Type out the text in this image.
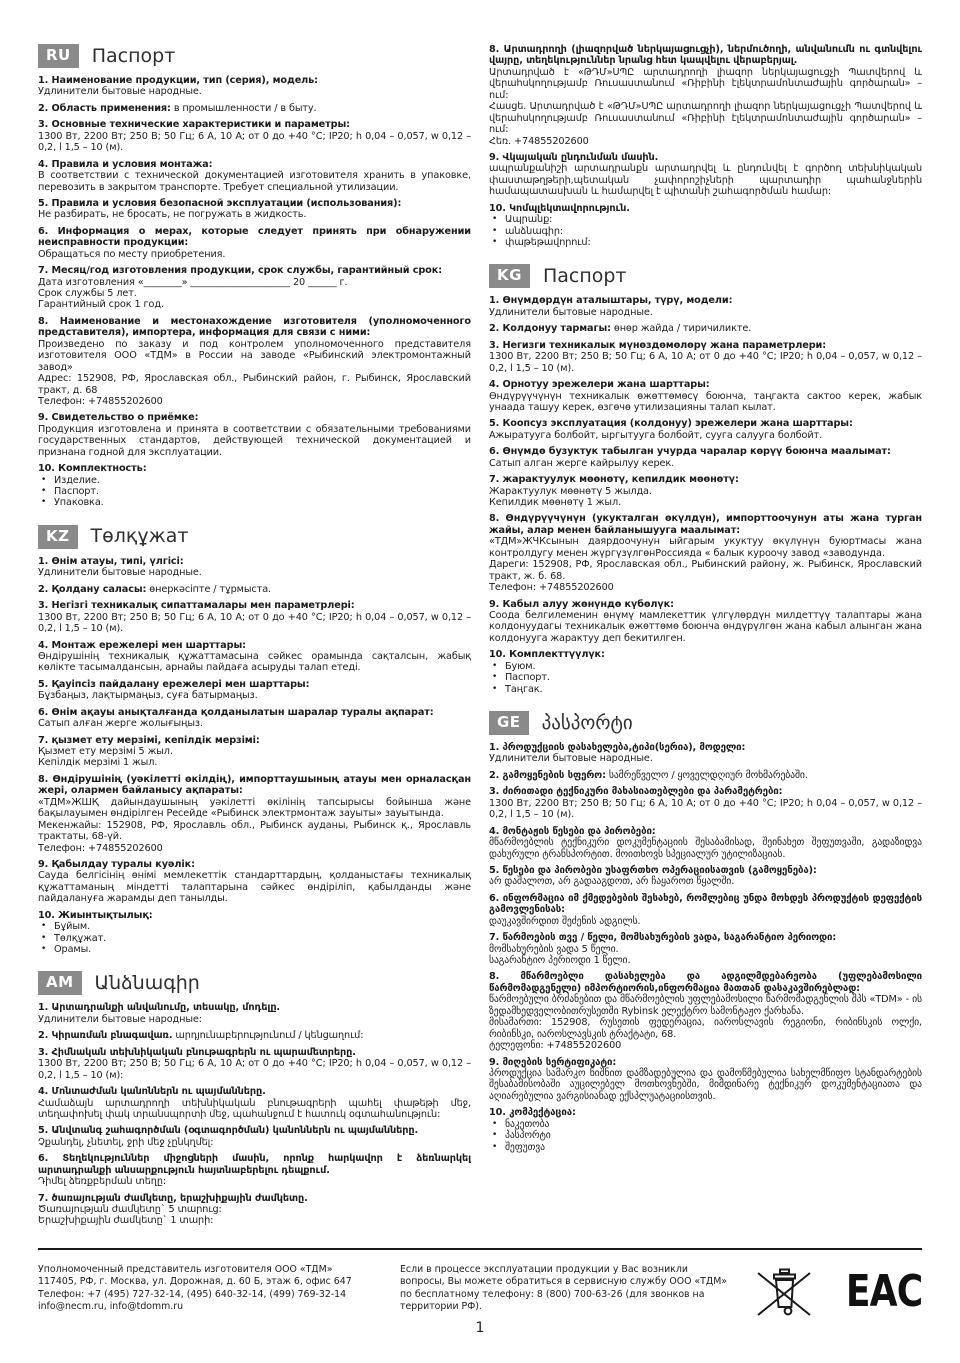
RU	Паспорт

1. Наименование продукции, тип (серия), модель:

Удлинители бытовые народные.

2. Область применения: в промышленности / в быту.

3. Основные технические характеристики и параметры:

1300 Вт, 2200 Вт; 250 В; 50 Гц; 6 А, 10 А; от 0 до +40 °C; IP20; h 0,04 – 0,057, w 0,12 – 0,2, l 1,5 – 10 (м).

4. Правила и условия монтажа:

В соответствии с технической документацией изготовителя хранить в упаковке, перевозить в закрытом транспорте. Требует специальной утилизации.

5. Правила и условия безопасной эксплуатации (использования):

Не разбирать, не бросать, не погружать в жидкость.

6. Информация о мерах, которые следует принять при обнаружении неисправности продукции:

Обращаться по месту приобретения.

7. Месяц/год изготовления продукции, срок службы, гарантийный срок:

Дата изготовления «________» _____________________ 20 ______ г.
Срок службы 5 лет.
Гарантийный срок 1 год.

8. Наименование и местонахождение изготовителя (уполномоченного представителя), импортера, информация для связи с ними:

Произведено по заказу и под контролем уполномоченного представителя изготовителя ООО «ТДМ» в России на заводе «Рыбинский электромонтажный завод»
Адрес: 152908, РФ, Ярославская обл., Рыбинский район, г. Рыбинск, Ярославский тракт, д. 68
Телефон: +74855202600

9. Свидетельство о приёмке:

Продукция изготовлена и принята в соответствии с обязательными требованиями государственных стандартов, действующей технической документацией и признана годной для эксплуатации.

10. Комплектность:

• Изделие.
• Паспорт.
• Упаковка.
KZ	Төлқұжат

1. Өнім атауы, типі, үлгісі:

Удлинители бытовые народные.

2. Қолдану саласы: өнеркәсіпте / тұрмыста.

3. Негізгі техникалық сипаттамалары мен параметрлері:

1300 Вт, 2200 Вт; 250 В; 50 Гц; 6 А, 10 А; от 0 до +40 °C; IP20; h 0,04 – 0,057, w 0,12 – 0,2, l 1,5 – 10 (м).

4. Монтаж ережелері мен шарттары:

Өндірушінің техникалық құжаттамасына сәйкес орамында сақталсын, жабық көлікте тасымалдансын, арнайы пайдаға асыруды талап етеді.

5. Қауіпсіз пайдалану ережелері мен шарттары:

Бұзбаңыз, лақтырмаңыз, суға батырмаңыз.

6. Өнім ақауы анықталғанда қолданылатын шаралар туралы ақпарат:

Сатып алған жерге жолығыңыз.

7. қызмет ету мерзімі, кепілдік мерзімі:

Қызмет ету мерзімі 5 жыл.
Кепілдік мерзімі 1 жыл.

8. Өндірушінің (уәкілетті өкілдің), импорттаушының атауы мен орналасқан жері, олармен байланысу ақпараты:

«ТДМ»ЖШҚ дайындаушының уәкілетті өкілінің тапсырысы бойынша және бақылауымен өндірілген Ресейде «Рыбинск электрмонтаж зауыты» зауытында.
Мекенжайы: 152908, РФ, Ярославль обл., Рыбинск ауданы, Рыбинск қ., Ярославль трактаты, 68-үй.
Телефон: +74855202600

9. Қабылдау туралы куәлік:

Сауда белгісінің өнімі мемлекеттік стандарттардың, қолданыстағы техникалық құжаттаманың міндетті талаптарына сәйкес өндіріліп, қабылданды және пайдалануға жарамды деп танылды.

10. Жиынтықтылық:

• Бұйым.
• Төлқұжат.
• Орамы.
AM	Անձնագիր

1. Արտադրանքի անվանումը, տեսակը, մոդելը.

Удлинители бытовые народные:

2. Կիրառման բնագավառ. արդյունաբերությունում / կենցաղում:

3. Հիմնական տեխնիկական բնութագրերն ու պարամետրերը.

1300 Вт, 2200 Вт; 250 В; 50 Гц; 6 А, 10 А; от 0 до +40 °C; IP20; h 0,04 – 0,057, w 0,12 – 0,2, l 1,5 – 10 (м):

4. Մոնտաժման կանոններն ու պայմանները.

Համաձայն արտադրողի տեխնիկական բնութագրերի պահել փաթեթի մեջ, տեղափոխել փակ տրանսպորտի մեջ, պահանջում է հատուկ օգտահանություն:

5. Անվտանգ շահագործման (օգտագործման) կանոններն ու պայմանները.

Չքանդել, չնետել, ջրի մեջ չընկղմել:

6. Տեղեկություններ միջոցների մասին, որոնք հարկավոր է ձեռնարկել արտադրանքի անսարքություն հայտնաբերելու դեպքում.

Դիմել ձեռքբերման տեղը:

7. ծառայության ժամկետը, երաշխիքային ժամկետը.

Ծառայության ժամկետը` 5 տարուց:
Երաշխիքային ժամկետը` 1 տարի:

8. Արտադրողի (լիազորված ներկայացուցչի), ներմուծողի, անվանումն ու գտնվելու վայրը, տեղեկություններ նրանց հետ կապվելու վերաբերյալ.

Արտադրված է «ԹԴՄ»ՍՊԸ արտադրողի լիազոր ներկայացուցչի Պատվերով և վերահսկողությամբ Ռուսաստանում «Ռիբինի էլեկտրամոնտաժային գործարան» – ում:
Հասցե. Արտադրված է «ԹԴՄ»ՍՊԸ արտադրողի լիազոր ներկայացուցչի Պատվերով և վերահսկողությամբ Ռուսաստանում «Ռիբինի էլեկտրամոնտաժային գործարան» – ում:
Հեռ. +74855202600

9. Վկայական ընդունման մասին.

ապրանքանիշի արտադրանքն արտադրվել և ընդունվել է գործող տեխնիկական փաստաթղթերի,պետական չափորոշիչների պարտադիր պահանջներին համապատասխան և համարվել է պիտանի շահագործման համար:

10. Կոմպլեկտավորություն.

• Ապրանք:
• անձնագիր:
• փաթեթավորում:
KG	Паспорт

1. Өнүмдөрдүн аталыштары, түрү, модели:

Удлинители бытовые народные.

2. Колдонуу тармагы: өнөр жайда / тиричиликте.

3. Негизги техникалык мүнөздөмөлөрү жана параметрлери:

1300 Вт, 2200 Вт; 250 В; 50 Гц; 6 А, 10 А; от 0 до +40 °C; IP20; h 0,04 – 0,057, w 0,12 – 0,2, l 1,5 – 10 (м).

4. Орнотуу эрежелери жана шарттары:

Өндүрүүчүнүн техникалык өжөттөмөсү боюнча, таңгакта сактоо керек, жабык унаада ташуу керек, өзгөчө утилизацияны талап кылат.

5. Коопсуз эксплуатация (колдонуу) эрежелери жана шарттары:

Ажыратууга болбойт, ыргытууга болбойт, сууга салууга болбойт.

6. Өнүмдө бузуктук табылган учурда чаралар көрүү боюнча маалымат:

Сатып алган жерге кайрылуу керек.

7. жарактуулук мөөнөтү, кепилдик мөөнөтү:

Жарактуулук мөөнөтү 5 жылда.
Кепилдик мөөнөтү 1 жыл.

8. Өндүрүүчүнүн (укукталган өкүлдүн), импорттоочунун аты жана турган жайы, алар менен байланышууга маалымат:

«ТДМ»ЖЧКсынын даярдоочунун ыйгарым укуктуу өкүлүнүн буюртмасы жана контролдугу менен жүргүзүлгөнРоссияда « балык куроочу завод «заводунда.
Дареги: 152908, РФ, Ярославская обл., Рыбинский району, ж. Рыбинск, Ярославский тракт, ж. б. 68.
Телефон: +74855202600

9. Кабыл алуу жөнүндө күбөлүк:

Соода белгилеменин өнүмү мамлекеттик үлгүлөрдүн милдеттүү талаптары жана колдонуудагы техникалык өжөттөмө боюнча өндүрүлгөн жана кабыл алынган жана колдонууга жарактуу деп бекитилген.

10. Комплекттүүлүк:

• Буюм.
• Паспорт.
• Таңгак.
GE	პასპორტი

1. პროდუქციის დასახელება,ტიპი(სერია), მოდელი:

Удлинители бытовые народные.

2. გამოყენების სფერო: სამრეწველო / ყოველდღიურ მოხმარებაში.

3. ძირითადი ტექნიკური მახასიათებლები და პარამეტრები:

1300 Вт, 2200 Вт; 250 В; 50 Гц; 6 А, 10 А; от 0 до +40 °C; IP20; h 0,04 – 0,057, w 0,12 – 0,2, l 1,5 – 10 (м).

4. მონტაჟის წესები და პირობები:

მწარმოებლის ტექნიკური დოკუმენტაციის შესაბამისად, შეინახეთ შეფუთვაში, გადაზიდვა დახურული ტრანსპორტით. მოითხოვს სპეციალურ უტილიზაციას.

5. წესები და პირობები უსაფრთხო ოპერაციისათვის (გამოყენება):

არ დაშალოთ, არ გადააგდოთ, არ ჩაყაროთ წყალში.

6. ინფორმაცია იმ ქმედებების შესახებ, რომლებიც უნდა მოხდეს პროდუქტის დეფექტის გამოვლენისას:

დაუკავშირდით შეძენის ადგილს.

7. წარმოების თვე / წელი, მომსახურების ვადა, საგარანტიო პერიოდი:

მომსახურების ვადა 5 წელი.
საგარანტიო პერიოდი 1 წელი.

8. მწარმოებლი დასახელება და ადგილმდებარეობა (უფლებამოსილი წარმომადგენელი) იმპორტიორის,ინფორმაცია მათთან დასაკავშირებლად:

წარმოებული ბრძანებით და მწარმოებლის უფლებამოსილი წარმომადგენლის შპს «TDM» - ის ზედამხედველობითრუსეთში Rybinsk ელექტრო სამონტაჟო ქარხანა.
მისამართი: 152908, რუსეთის ფედერაცია, იაროსლავის რეგიონი, რიბინსკის ოლქი, რიბინსკი, იაროსლავსკის ტრაქტატი, 68.
ტელეფონი: +74855202600

9. მიღების სერტიფიკატი:

პროდუქცია სამარკო ნიშნით დამზადებულია და დამოწმებულია სახელმწიფო სტანდარტების შესაბამისობაში აუცილებელ მოთხოვნებში, მიმდინარე ტექნიკურ დოკუმენტაციათა და აღიარებულია ვარგისიანად ექსპლუატაციისთვის.

10. კომპექტაცია:

• ნაკეთობა
• პასპორტი
• შეფუთვა
Уполномоченный представитель изготовителя ООО «ТДМ»
117405, РФ, г. Москва, ул. Дорожная, д. 60 Б, этаж 6, офис 647
Телефон: +7 (495) 727-32-14, (495) 640-32-14, (499) 769-32-14
info@necm.ru, info@tdomm.ru
Если в процессе эксплуатации продукции у Вас возникли вопросы, Вы можете обратиться в сервисную службу ООО «ТДМ» по бесплатному телефону: 8 (800) 700-63-26 (для звонков на территории РФ).	EAC
1
